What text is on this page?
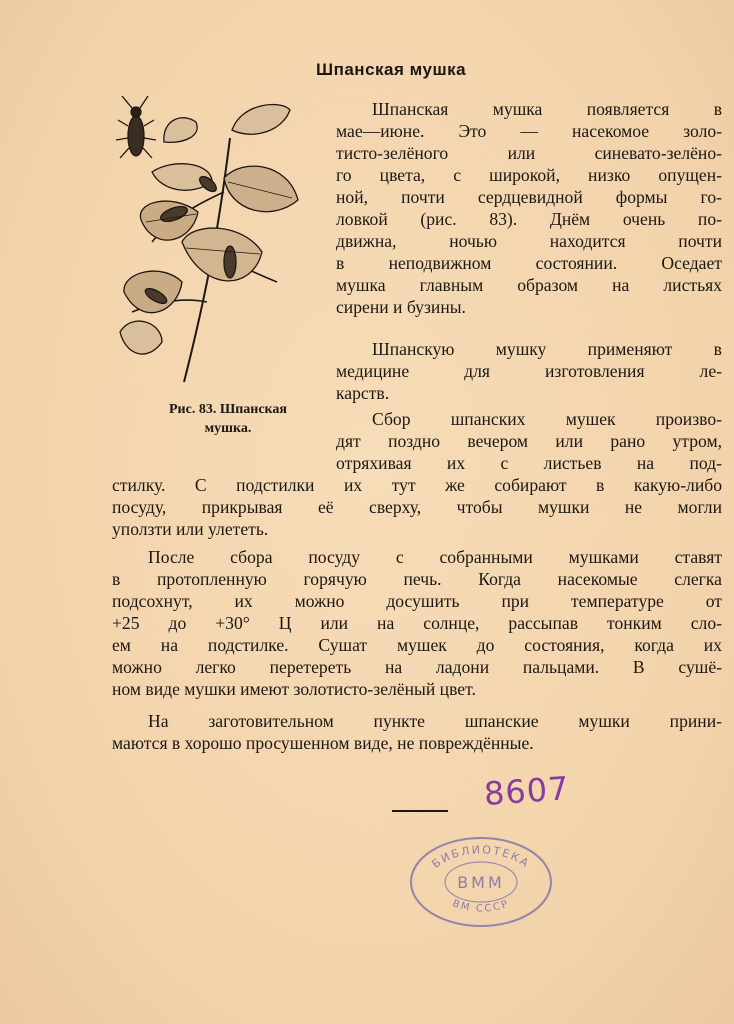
Шпанская мушка
Рис. 83. Шпанская
мушка.
Шпанская мушка появляется в
мае—июне. Это — насекомое золо-
тисто-зелёного или синевато-зелёно-
го цвета, с широкой, низко опущен-
ной, почти сердцевидной формы го-
ловкой (рис. 83). Днём очень по-
движна, ночью находится почти
в неподвижном состоянии. Оседает
мушка главным образом на листьях
сирени и бузины.
Шпанскую мушку применяют в
медицине для изготовления ле-
карств.
Сбор шпанских мушек произво-
дят поздно вечером или рано утром,
отряхивая их с листьев на под-
стилку. С подстилки их тут же собирают в какую-либо
посуду, прикрывая её сверху, чтобы мушки не могли
уползти или улететь.
После сбора посуду с собранными мушками ставят
в протопленную горячую печь. Когда насекомые слегка
подсохнут, их можно досушить при температуре от
+25 до +30° Ц или на солнце, рассыпав тонким сло-
ем на подстилке. Сушат мушек до состояния, когда их
можно легко перетереть на ладони пальцами. В сушё-
ном виде мушки имеют золотисто-зелёный цвет.
На заготовительном пункте шпанские мушки прини-
маются в хорошо просушенном виде, не повреждённые.
8607
БИБЛИОТЕКА
ВММ
ВМ СССР
